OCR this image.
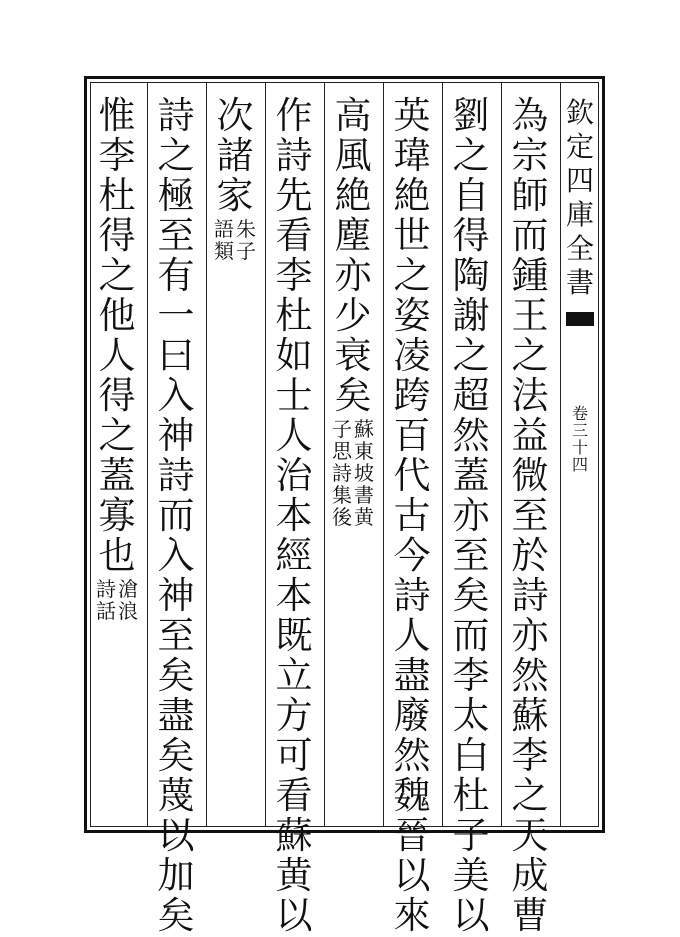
欽
定
四
庫
全
書
卷
三
十
四
為
宗
師
而
鍾
王
之
法
益
微
至
於
詩
亦
然
蘇
李
之
天
成
曹
劉
之
自
得
陶
謝
之
超
然
蓋
亦
至
矣
而
李
太
白
杜
子
美
以
英
瑋
絶
世
之
姿
凌
跨
百
代
古
今
詩
人
盡
廢
然
魏
晉
以
來
高
風
絶
塵
亦
少
衰
矣
蘇
東
坡
書
黄
子
思
詩
集
後
作
詩
先
看
李
杜
如
士
人
治
本
經
本
既
立
方
可
看
蘇
黄
以
次
諸
家
朱
子
語
類
詩
之
極
至
有
一
曰
入
神
詩
而
入
神
至
矣
盡
矣
蔑
以
加
矣
惟
李
杜
得
之
他
人
得
之
蓋
寡
也
滄
浪
詩
話
